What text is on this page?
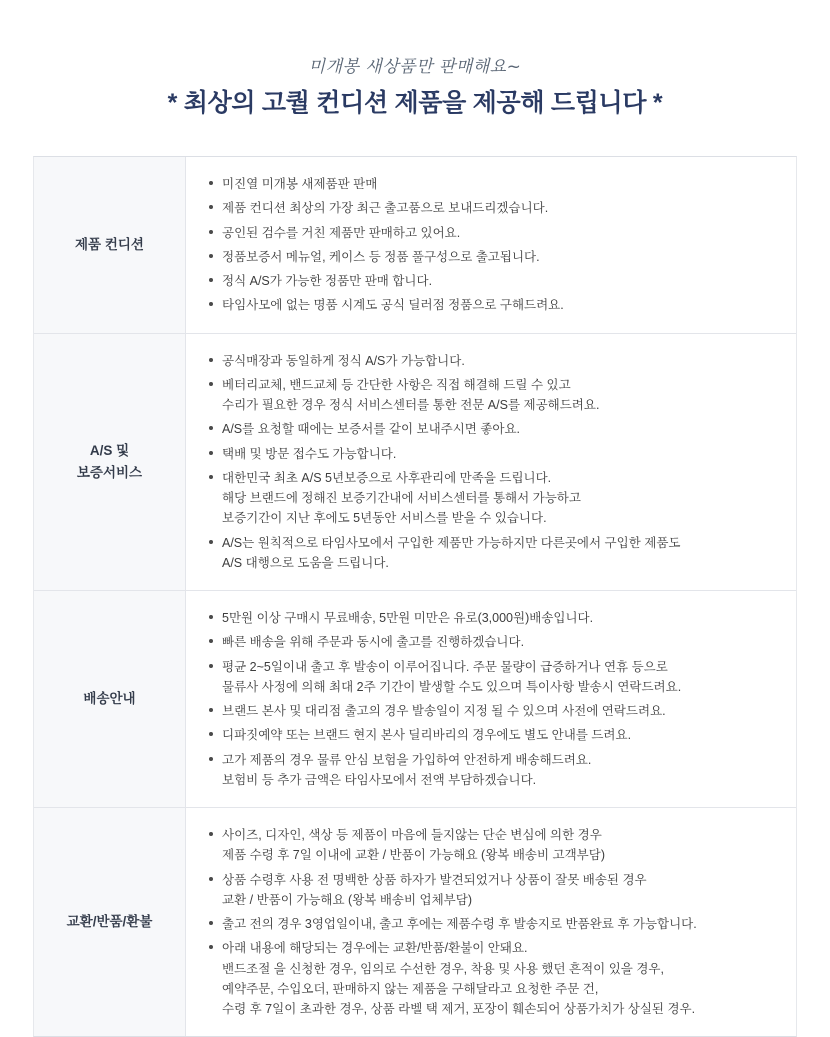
미개봉 새상품만 판매해요~
* 최상의 고퀄 컨디션 제품을 제공해 드립니다 *
제품 컨디션
미진열 미개봉 새제품판 판매
제품 컨디션 최상의 가장 최근 출고품으로 보내드리겠습니다.
공인된 검수를 거친 제품만 판매하고 있어요.
정품보증서 메뉴얼, 케이스 등 정품 풀구성으로 출고됩니다.
정식 A/S가 가능한 정품만 판매 합니다.
타임사모에 없는 명품 시계도 공식 딜러점 정품으로 구해드려요.
A/S 및
보증서비스
공식매장과 동일하게 정식 A/S가 가능합니다.
베터리교체, 밴드교체 등 간단한 사항은 직접 해결해 드릴 수 있고
수리가 필요한 경우 정식 서비스센터를 통한 전문 A/S를 제공해드려요.
A/S를 요청할 때에는 보증서를 같이 보내주시면 좋아요.
택배 및 방문 접수도 가능합니다.
대한민국 최초 A/S 5년보증으로 사후관리에 만족을 드립니다.
해당 브랜드에 정해진 보증기간내에 서비스센터를 통해서 가능하고
보증기간이 지난 후에도 5년동안 서비스를 받을 수 있습니다.
A/S는 원칙적으로 타임사모에서 구입한 제품만 가능하지만 다른곳에서 구입한 제품도
A/S 대행으로 도움을 드립니다.
배송안내
5만원 이상 구매시 무료배송, 5만원 미만은 유로(3,000원)배송입니다.
빠른 배송을 위해 주문과 동시에 출고를 진행하겠습니다.
평균 2~5일이내 출고 후 발송이 이루어집니다. 주문 물량이 급증하거나 연휴 등으로
물류사 사정에 의해 최대 2주 기간이 발생할 수도 있으며 특이사항 발송시 연락드려요.
브랜드 본사 및 대리점 출고의 경우 발송일이 지정 될 수 있으며 사전에 연락드려요.
디파짓예약 또는 브랜드 현지 본사 딜리바리의 경우에도 별도 안내를 드려요.
고가 제품의 경우 물류 안심 보험을 가입하여 안전하게 배송해드려요.
보험비 등 추가 금액은 타임사모에서 전액 부담하겠습니다.
교환/반품/환불
사이즈, 디자인, 색상 등 제품이 마음에 들지않는 단순 변심에 의한 경우
제품 수령 후 7일 이내에 교환 / 반품이 가능해요 (왕복 배송비 고객부담)
상품 수령후 사용 전 명백한 상품 하자가 발견되었거나 상품이 잘못 배송된 경우
교환 / 반품이 가능해요 (왕복 배송비 업체부담)
출고 전의 경우 3영업일이내, 출고 후에는 제품수령 후 발송지로 반품완료 후 가능합니다.
아래 내용에 해당되는 경우에는 교환/반품/환불이 안돼요.
밴드조절 을 신청한 경우, 임의로 수선한 경우, 착용 및 사용 했던 흔적이 있을 경우,
예약주문, 수입오더, 판매하지 않는 제품을 구해달라고 요청한 주문 건,
수령 후 7일이 초과한 경우, 상품 라벨 택 제거, 포장이 훼손되어 상품가치가 상실된 경우.
